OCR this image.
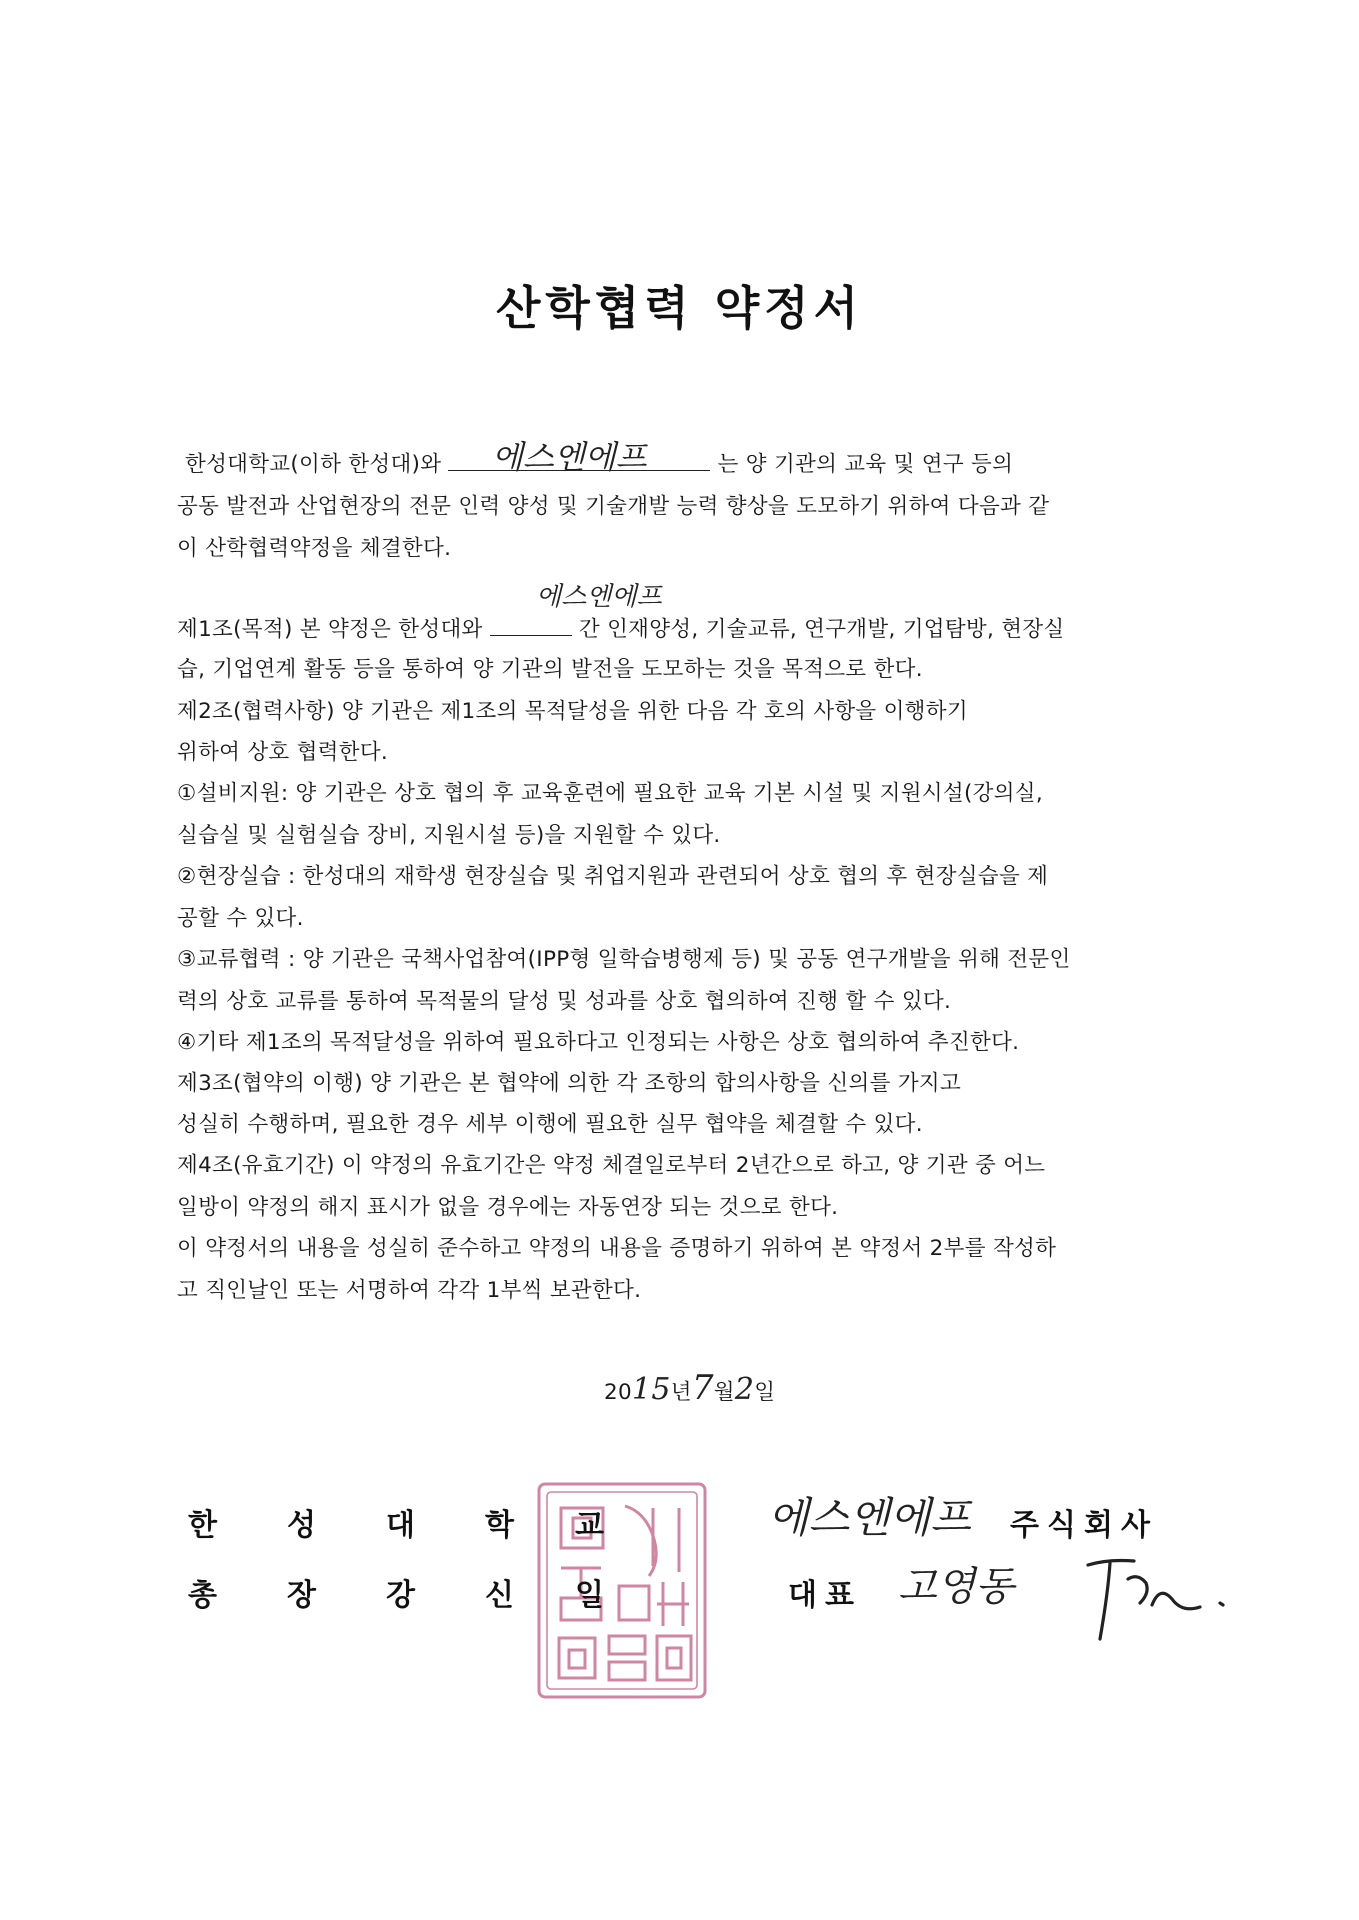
산학협력 약정서
한성대학교(이하 한성대)와	는 양 기관의 교육 및 연구 등의
에스엔에프
공동 발전과 산업현장의 전문 인력 양성 및 기술개발 능력 향상을 도모하기 위하여 다음과 같
이 산학협력약정을 체결한다.
제1조(목적) 본 약정은 한성대와	간 인재양성, 기술교류, 연구개발, 기업탐방, 현장실
에스엔에프
습, 기업연계 활동 등을 통하여 양 기관의 발전을 도모하는 것을 목적으로 한다.
제2조(협력사항) 양 기관은 제1조의 목적달성을 위한 다음 각 호의 사항을 이행하기
위하여 상호 협력한다.
①설비지원: 양 기관은 상호 협의 후 교육훈련에 필요한 교육 기본 시설 및 지원시설(강의실,
실습실 및 실험실습 장비, 지원시설 등)을 지원할 수 있다.
②현장실습 : 한성대의 재학생 현장실습 및 취업지원과 관련되어 상호 협의 후 현장실습을 제
공할 수 있다.
③교류협력 : 양 기관은 국책사업참여(IPP형 일학습병행제 등) 및 공동 연구개발을 위해 전문인
력의 상호 교류를 통하여 목적물의 달성 및 성과를 상호 협의하여 진행 할 수 있다.
④기타 제1조의 목적달성을 위하여 필요하다고 인정되는 사항은 상호 협의하여 추진한다.
제3조(협약의 이행) 양 기관은 본 협약에 의한 각 조항의 합의사항을 신의를 가지고
성실히 수행하며, 필요한 경우 세부 이행에 필요한 실무 협약을 체결할 수 있다.
제4조(유효기간) 이 약정의 유효기간은 약정 체결일로부터 2년간으로 하고, 양 기관 중 어느
일방이 약정의 해지 표시가 없을 경우에는 자동연장 되는 것으로 한다.
이 약정서의 내용을 성실히 준수하고 약정의 내용을 증명하기 위하여 본 약정서 2부를 작성하
고 직인날인 또는 서명하여 각각 1부씩 보관한다.
2015년7월2일
한 성 대 학 교
총 장 강 신 일
에스엔에프 주식회사
대표 고영동
